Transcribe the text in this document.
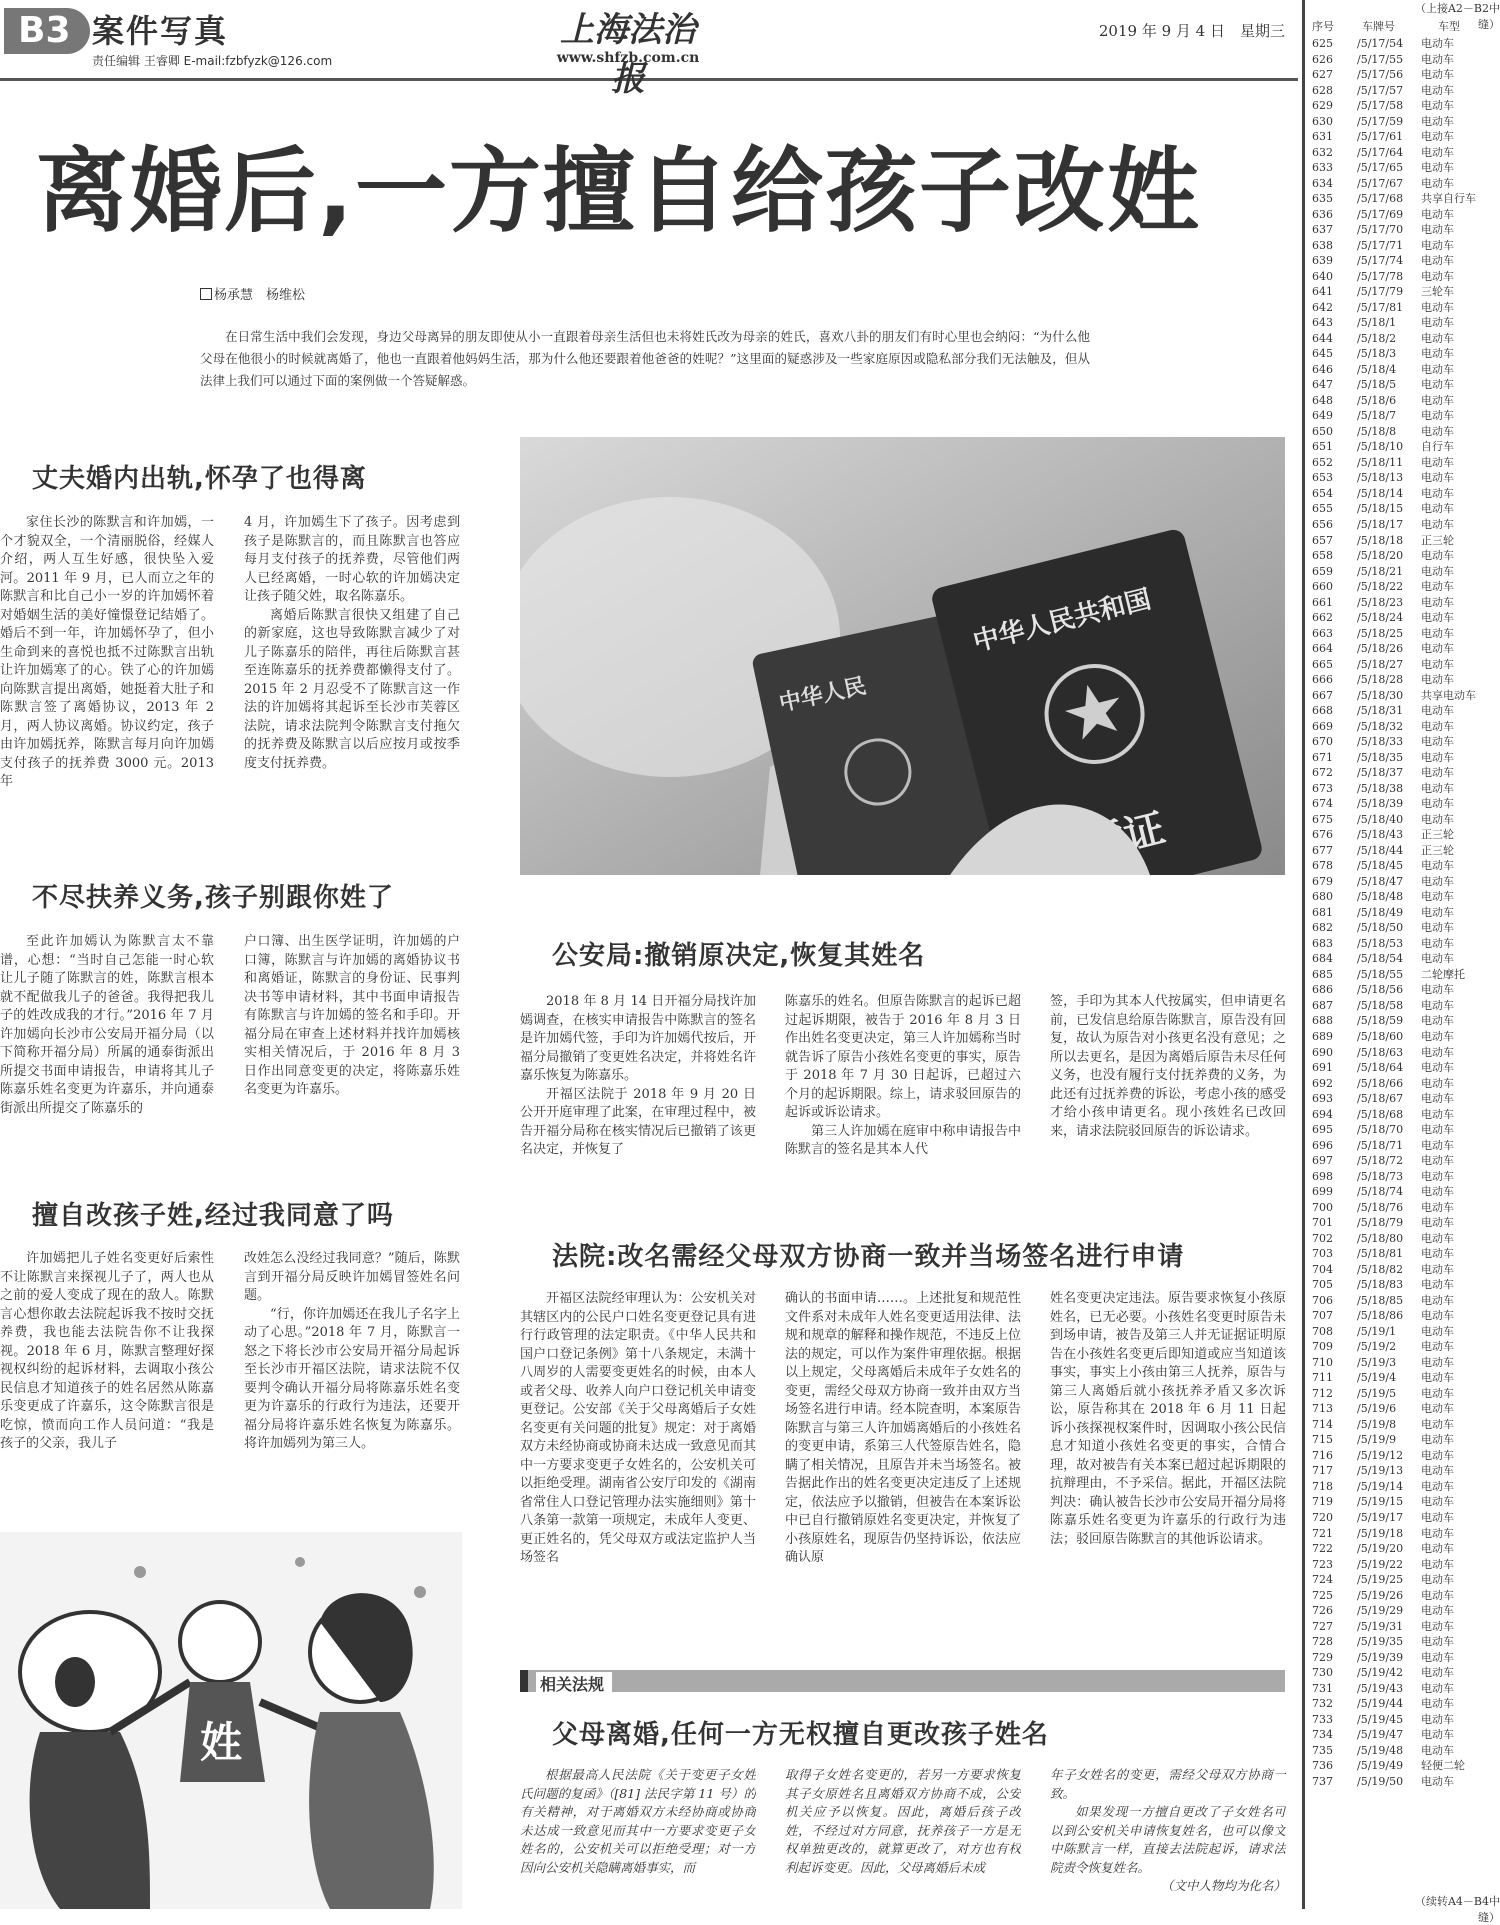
B3 案件写真
责任编辑 王睿卿 E-mail:fzbfyzk@126.com
上海法治报
www.shfzb.com.cn
2019 年 9 月 4 日　星期三
离婚后,一方擅自给孩子改姓
杨承慧　杨维松
在日常生活中我们会发现，身边父母离异的朋友即使从小一直跟着母亲生活但也未将姓氏改为母亲的姓氏，喜欢八卦的朋友们有时心里也会纳闷：“为什么他父母在他很小的时候就离婚了，他也一直跟着他妈妈生活，那为什么他还要跟着他爸爸的姓呢？”这里面的疑惑涉及一些家庭原因或隐私部分我们无法触及，但从法律上我们可以通过下面的案例做一个答疑解惑。
丈夫婚内出轨,怀孕了也得离

家住长沙的陈默言和许加嫣，一个才貌双全，一个清丽脱俗，经媒人介绍，两人互生好感，很快坠入爱河。2011 年 9 月，已人而立之年的陈默言和比自己小一岁的许加嫣怀着对婚姻生活的美好憧憬登记结婚了。婚后不到一年，许加嫣怀孕了，但小生命到来的喜悦也抵不过陈默言出轨让许加嫣寒了的心。铁了心的许加嫣向陈默言提出离婚，她挺着大肚子和陈默言签了离婚协议，2013 年 2 月，两人协议离婚。协议约定，孩子由许加嫣抚养，陈默言每月向许加嫣支付孩子的抚养费 3000 元。2013 年

4 月，许加嫣生下了孩子。因考虑到孩子是陈默言的，而且陈默言也答应每月支付孩子的抚养费，尽管他们两人已经离婚，一时心软的许加嫣决定让孩子随父姓，取名陈嘉乐。

离婚后陈默言很快又组建了自己的新家庭，这也导致陈默言减少了对儿子陈嘉乐的陪伴，再往后陈默言甚至连陈嘉乐的抚养费都懒得支付了。2015 年 2 月忍受不了陈默言这一作法的许加嫣将其起诉至长沙市芙蓉区法院，请求法院判令陈默言支付拖欠的抚养费及陈默言以后应按月或按季度支付抚养费。

中华人民
中华人民共和国
不尽扶养义务,孩子别跟你姓了

至此许加嫣认为陈默言太不靠谱，心想：“当时自己怎能一时心软让儿子随了陈默言的姓，陈默言根本就不配做我儿子的爸爸。我得把我儿子的姓改成我的才行。”2016 年 7 月许加嫣向长沙市公安局开福分局（以下简称开福分局）所属的通泰街派出所提交书面申请报告，申请将其儿子陈嘉乐姓名变更为许嘉乐，并向通泰街派出所提交了陈嘉乐的

户口簿、出生医学证明，许加嫣的户口簿，陈默言与许加嫣的离婚协议书和离婚证，陈默言的身份证、民事判决书等申请材料，其中书面申请报告有陈默言与许加嫣的签名和手印。开福分局在审查上述材料并找许加嫣核实相关情况后，于 2016 年 8 月 3 日作出同意变更的决定，将陈嘉乐姓名变更为许嘉乐。

擅自改孩子姓,经过我同意了吗

许加嫣把儿子姓名变更好后索性不让陈默言来探视儿子了，两人也从之前的爱人变成了现在的敌人。陈默言心想你敢去法院起诉我不按时交抚养费，我也能去法院告你不让我探视。2018 年 6 月，陈默言整理好探视权纠纷的起诉材料，去调取小孩公民信息才知道孩子的姓名居然从陈嘉乐变更成了许嘉乐，这令陈默言很是吃惊，愤而向工作人员问道：“我是孩子的父亲，我儿子

改姓怎么没经过我同意？”随后，陈默言到开福分局反映许加嫣冒签姓名问题。

“行，你许加嫣还在我儿子名字上动了心思。”2018 年 7 月，陈默言一怒之下将长沙市公安局开福分局起诉至长沙市开福区法院，请求法院不仅要判令确认开福分局将陈嘉乐姓名变更为许嘉乐的行政行为违法，还要开福分局将许嘉乐姓名恢复为陈嘉乐。将许加嫣列为第三人。

姓
公安局:撤销原决定,恢复其姓名

2018 年 8 月 14 日开福分局找许加嫣调查，在核实申请报告中陈默言的签名是许加嫣代签，手印为许加嫣代按后，开福分局撤销了变更姓名决定，并将姓名许嘉乐恢复为陈嘉乐。

开福区法院于 2018 年 9 月 20 日公开开庭审理了此案，在审理过程中，被告开福分局称在核实情况后已撤销了该更名决定，并恢复了

陈嘉乐的姓名。但原告陈默言的起诉已超过起诉期限，被告于 2016 年 8 月 3 日作出姓名变更决定，第三人许加嫣称当时就告诉了原告小孩姓名变更的事实，原告于 2018 年 7 月 30 日起诉，已超过六个月的起诉期限。综上，请求驳回原告的起诉或诉讼请求。

第三人许加嫣在庭审中称申请报告中陈默言的签名是其本人代

签，手印为其本人代按属实，但申请更名前，已发信息给原告陈默言，原告没有回复，故认为原告对小孩更名没有意见；之所以去更名，是因为离婚后原告未尽任何义务，也没有履行支付抚养费的义务，为此还有过抚养费的诉讼，考虑小孩的感受才给小孩申请更名。现小孩姓名已改回来，请求法院驳回原告的诉讼请求。

法院:改名需经父母双方协商一致并当场签名进行申请

开福区法院经审理认为：公安机关对其辖区内的公民户口姓名变更登记具有进行行政管理的法定职责。《中华人民共和国户口登记条例》第十八条规定，未满十八周岁的人需要变更姓名的时候，由本人或者父母、收养人向户口登记机关申请变更登记。公安部《关于父母离婚后子女姓名变更有关问题的批复》规定：对于离婚双方未经协商或协商未达成一致意见而其中一方要求变更子女姓名的，公安机关可以拒绝受理。湖南省公安厅印发的《湖南省常住人口登记管理办法实施细则》第十八条第一款第一项规定，未成年人变更、更正姓名的，凭父母双方或法定监护人当场签名

确认的书面申请……。上述批复和规范性文件系对未成年人姓名变更适用法律、法规和规章的解释和操作规范，不违反上位法的规定，可以作为案件审理依据。根据以上规定，父母离婚后未成年子女姓名的变更，需经父母双方协商一致并由双方当场签名进行申请。经本院查明，本案原告陈默言与第三人许加嫣离婚后的小孩姓名的变更申请，系第三人代签原告姓名，隐瞒了相关情况，且原告并未当场签名。被告据此作出的姓名变更决定违反了上述规定，依法应予以撤销，但被告在本案诉讼中已自行撤销原姓名变更决定，并恢复了小孩原姓名，现原告仍坚持诉讼，依法应确认原

姓名变更决定违法。原告要求恢复小孩原姓名，已无必要。小孩姓名变更时原告未到场申请，被告及第三人并无证据证明原告在小孩姓名变更后即知道或应当知道该事实，事实上小孩由第三人抚养，原告与第三人离婚后就小孩抚养矛盾又多次诉讼，原告称其在 2018 年 6 月 11 日起诉小孩探视权案件时，因调取小孩公民信息才知道小孩姓名变更的事实，合情合理，故对被告有关本案已超过起诉期限的抗辩理由，不予采信。据此，开福区法院判决：确认被告长沙市公安局开福分局将陈嘉乐姓名变更为许嘉乐的行政行为违法；驳回原告陈默言的其他诉讼请求。

相关法规
父母离婚,任何一方无权擅自更改孩子姓名

根据最高人民法院《关于变更子女姓氏问题的复函》（[81] 法民字第 11 号）的有关精神，对于离婚双方未经协商或协商未达成一致意见而其中一方要求变更子女姓名的，公安机关可以拒绝受理；对一方因向公安机关隐瞒离婚事实，而

取得子女姓名变更的，若另一方要求恢复其子女原姓名且离婚双方协商不成，公安机关应予以恢复。因此，离婚后孩子改姓，不经过对方同意，抚养孩子一方是无权单独更改的，就算更改了，对方也有权利起诉变更。因此，父母离婚后未成

年子女姓名的变更，需经父母双方协商一致。

如果发现一方擅自更改了子女姓名可以到公安机关申请恢复姓名，也可以像文中陈默言一样，直接去法院起诉，请求法院责令恢复姓名。

（文中人物均为化名）

（上接A2－B2中缝）
序号	车牌号	车型
625 /5/17/54 电动车
626 /5/17/55 电动车
627 /5/17/56 电动车
628 /5/17/57 电动车
629 /5/17/58 电动车
630 /5/17/59 电动车
631 /5/17/61 电动车
632 /5/17/64 电动车
633 /5/17/65 电动车
634 /5/17/67 电动车
635 /5/17/68 共享自行车
636 /5/17/69 电动车
637 /5/17/70 电动车
638 /5/17/71 电动车
639 /5/17/74 电动车
640 /5/17/78 电动车
641 /5/17/79 三轮车
642 /5/17/81 电动车
643 /5/18/1 电动车
644 /5/18/2 电动车
645 /5/18/3 电动车
646 /5/18/4 电动车
647 /5/18/5 电动车
648 /5/18/6 电动车
649 /5/18/7 电动车
650 /5/18/8 电动车
651 /5/18/10 自行车
652 /5/18/11 电动车
653 /5/18/13 电动车
654 /5/18/14 电动车
655 /5/18/15 电动车
656 /5/18/17 电动车
657 /5/18/18 正三轮
658 /5/18/20 电动车
659 /5/18/21 电动车
660 /5/18/22 电动车
661 /5/18/23 电动车
662 /5/18/24 电动车
663 /5/18/25 电动车
664 /5/18/26 电动车
665 /5/18/27 电动车
666 /5/18/28 电动车
667 /5/18/30 共享电动车
668 /5/18/31 电动车
669 /5/18/32 电动车
670 /5/18/33 电动车
671 /5/18/35 电动车
672 /5/18/37 电动车
673 /5/18/38 电动车
674 /5/18/39 电动车
675 /5/18/40 电动车
676 /5/18/43 正三轮
677 /5/18/44 正三轮
678 /5/18/45 电动车
679 /5/18/47 电动车
680 /5/18/48 电动车
681 /5/18/49 电动车
682 /5/18/50 电动车
683 /5/18/53 电动车
684 /5/18/54 电动车
685 /5/18/55 二轮摩托
686 /5/18/56 电动车
687 /5/18/58 电动车
688 /5/18/59 电动车
689 /5/18/60 电动车
690 /5/18/63 电动车
691 /5/18/64 电动车
692 /5/18/66 电动车
693 /5/18/67 电动车
694 /5/18/68 电动车
695 /5/18/70 电动车
696 /5/18/71 电动车
697 /5/18/72 电动车
698 /5/18/73 电动车
699 /5/18/74 电动车
700 /5/18/76 电动车
701 /5/18/79 电动车
702 /5/18/80 电动车
703 /5/18/81 电动车
704 /5/18/82 电动车
705 /5/18/83 电动车
706 /5/18/85 电动车
707 /5/18/86 电动车
708 /5/19/1 电动车
709 /5/19/2 电动车
710 /5/19/3 电动车
711 /5/19/4 电动车
712 /5/19/5 电动车
713 /5/19/6 电动车
714 /5/19/8 电动车
715 /5/19/9 电动车
716 /5/19/12 电动车
717 /5/19/13 电动车
718 /5/19/14 电动车
719 /5/19/15 电动车
720 /5/19/17 电动车
721 /5/19/18 电动车
722 /5/19/20 电动车
723 /5/19/22 电动车
724 /5/19/25 电动车
725 /5/19/26 电动车
726 /5/19/29 电动车
727 /5/19/31 电动车
728 /5/19/35 电动车
729 /5/19/39 电动车
730 /5/19/42 电动车
731 /5/19/43 电动车
732 /5/19/44 电动车
733 /5/19/45 电动车
734 /5/19/47 电动车
735 /5/19/48 电动车
736 /5/19/49 轻便二轮
737 /5/19/50 电动车
（续转A4－B4中缝）
